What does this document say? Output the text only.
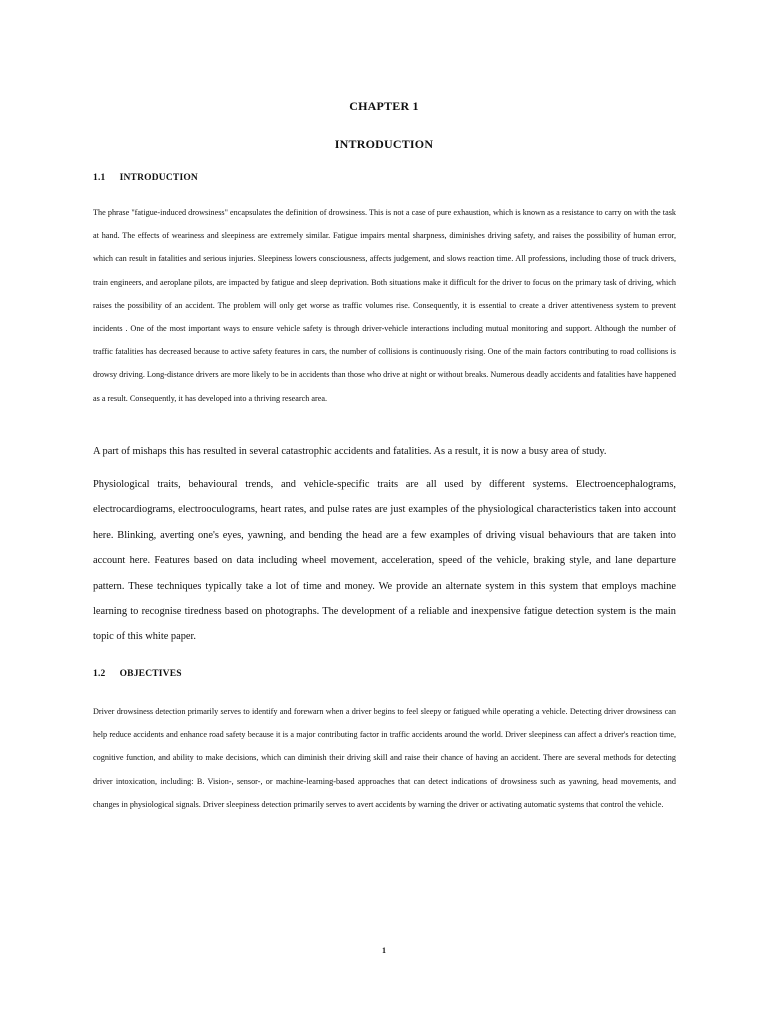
CHAPTER 1
INTRODUCTION
1.1 INTRODUCTION

The phrase "fatigue-induced drowsiness" encapsulates the definition of drowsiness. This is not a case of pure exhaustion, which is known as a resistance to carry on with the task at hand. The effects of weariness and sleepiness are extremely similar. Fatigue impairs mental sharpness, diminishes driving safety, and raises the possibility of human error, which can result in fatalities and serious injuries. Sleepiness lowers consciousness, affects judgement, and slows reaction time. All professions, including those of truck drivers, train engineers, and aeroplane pilots, are impacted by fatigue and sleep deprivation. Both situations make it difficult for the driver to focus on the primary task of driving, which raises the possibility of an accident. The problem will only get worse as traffic volumes rise. Consequently, it is essential to create a driver attentiveness system to prevent incidents . One of the most important ways to ensure vehicle safety is through driver-vehicle interactions including mutual monitoring and support. Although the number of traffic fatalities has decreased because to active safety features in cars, the number of collisions is continuously rising. One of the main factors contributing to road collisions is drowsy driving. Long-distance drivers are more likely to be in accidents than those who drive at night or without breaks. Numerous deadly accidents and fatalities have happened as a result. Consequently, it has developed into a thriving research area.

A part of mishaps this has resulted in several catastrophic accidents and fatalities. As a result, it is now a busy area of study.

Physiological traits, behavioural trends, and vehicle-specific traits are all used by different systems. Electroencephalograms, electrocardiograms, electrooculograms, heart rates, and pulse rates are just examples of the physiological characteristics taken into account here. Blinking, averting one's eyes, yawning, and bending the head are a few examples of driving visual behaviours that are taken into account here. Features based on data including wheel movement, acceleration, speed of the vehicle, braking style, and lane departure pattern. These techniques typically take a lot of time and money. We provide an alternate system in this system that employs machine learning to recognise tiredness based on photographs. The development of a reliable and inexpensive fatigue detection system is the main topic of this white paper.

1.2 OBJECTIVES

Driver drowsiness detection primarily serves to identify and forewarn when a driver begins to feel sleepy or fatigued while operating a vehicle. Detecting driver drowsiness can help reduce accidents and enhance road safety because it is a major contributing factor in traffic accidents around the world. Driver sleepiness can affect a driver's reaction time, cognitive function, and ability to make decisions, which can diminish their driving skill and raise their chance of having an accident. There are several methods for detecting driver intoxication, including: B. Vision-, sensor-, or machine-learning-based approaches that can detect indications of drowsiness such as yawning, head movements, and changes in physiological signals. Driver sleepiness detection primarily serves to avert accidents by warning the driver or activating automatic systems that control the vehicle.

1
